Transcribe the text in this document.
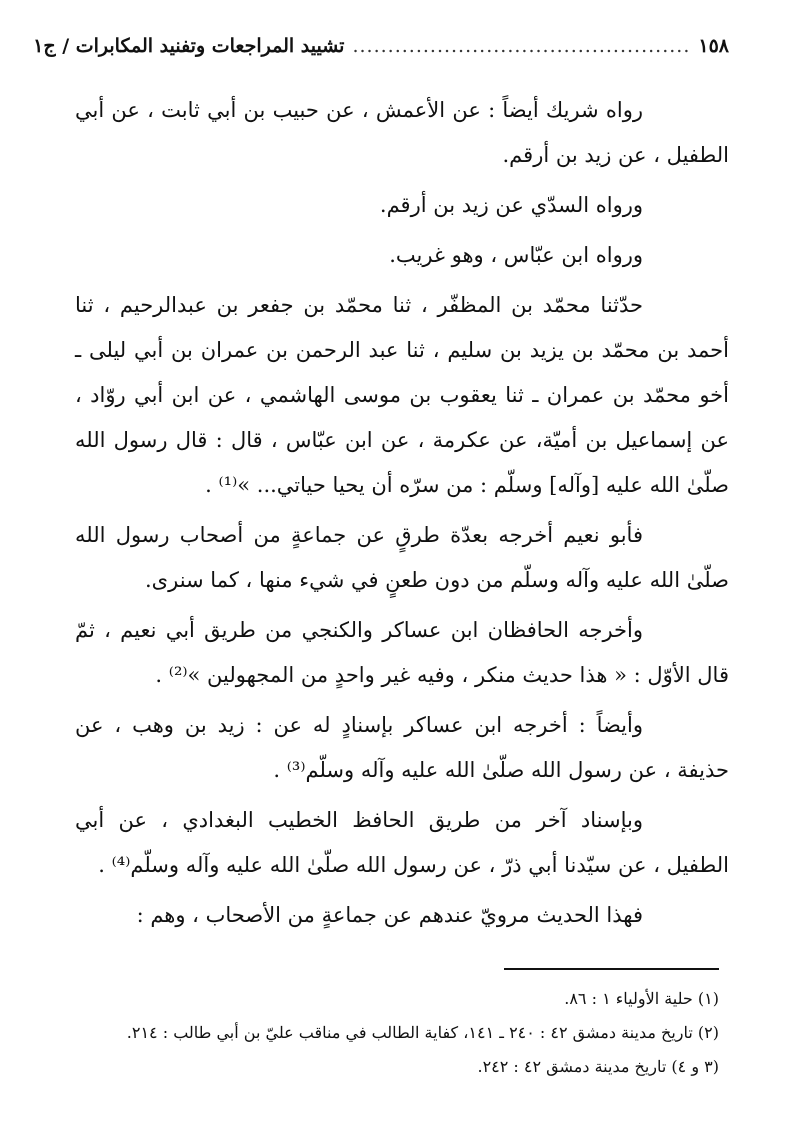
١٥٨
................................................
تشييد المراجعات وتفنيد المكابرات / ج١

رواه شريك أيضاً : عن الأعمش ، عن حبيب بن أبي ثابت ، عن أبي الطفيل ، عن زيد بن أرقم.

ورواه السدّي عن زيد بن أرقم.

ورواه ابن عبّاس ، وهو غريب.

حدّثنا محمّد بن المظفّر ، ثنا محمّد بن جفعر بن عبدالرحيم ، ثنا أحمد بن محمّد بن يزيد بن سليم ، ثنا عبد الرحمن بن عمران بن أبي ليلى ـ أخو محمّد بن عمران ـ ثنا يعقوب بن موسى الهاشمي ، عن ابن أبي روّاد ، عن إسماعيل بن أميّة، عن عكرمة ، عن ابن عبّاس ، قال : قال رسول الله صلّىٰ الله عليه [وآله] وسلّم : من سرّه أن يحيا حياتي... »⁽¹⁾ .

فأبو نعيم أخرجه بعدّة طرقٍ عن جماعةٍ من أصحاب رسول الله صلّىٰ الله عليه وآله وسلّم من دون طعنٍ في شيء منها ، كما سنرى.

وأخرجه الحافظان ابن عساكر والكنجي من طريق أبي نعيم ، ثمّ قال الأوّل : « هذا حديث منكر ، وفيه غير واحدٍ من المجهولين »⁽²⁾ .

وأيضاً : أخرجه ابن عساكر بإسنادٍ له عن : زيد بن وهب ، عن حذيفة ، عن رسول الله صلّىٰ الله عليه وآله وسلّم⁽³⁾ .

وبإسناد آخر من طريق الحافظ الخطيب البغدادي ، عن أبي الطفيل ، عن سيّدنا أبي ذرّ ، عن رسول الله صلّىٰ الله عليه وآله وسلّم⁽⁴⁾ .

فهذا الحديث مرويّ عندهم عن جماعةٍ من الأصحاب ، وهم :

(١) حلية الأولياء ١ : ٨٦.

(٢) تاريخ مدينة دمشق ٤٢ : ٢٤٠ ـ ١٤١، كفاية الطالب في مناقب عليّ بن أبي طالب : ٢١٤.

(٣ و ٤) تاريخ مدينة دمشق ٤٢ : ٢٤٢.
